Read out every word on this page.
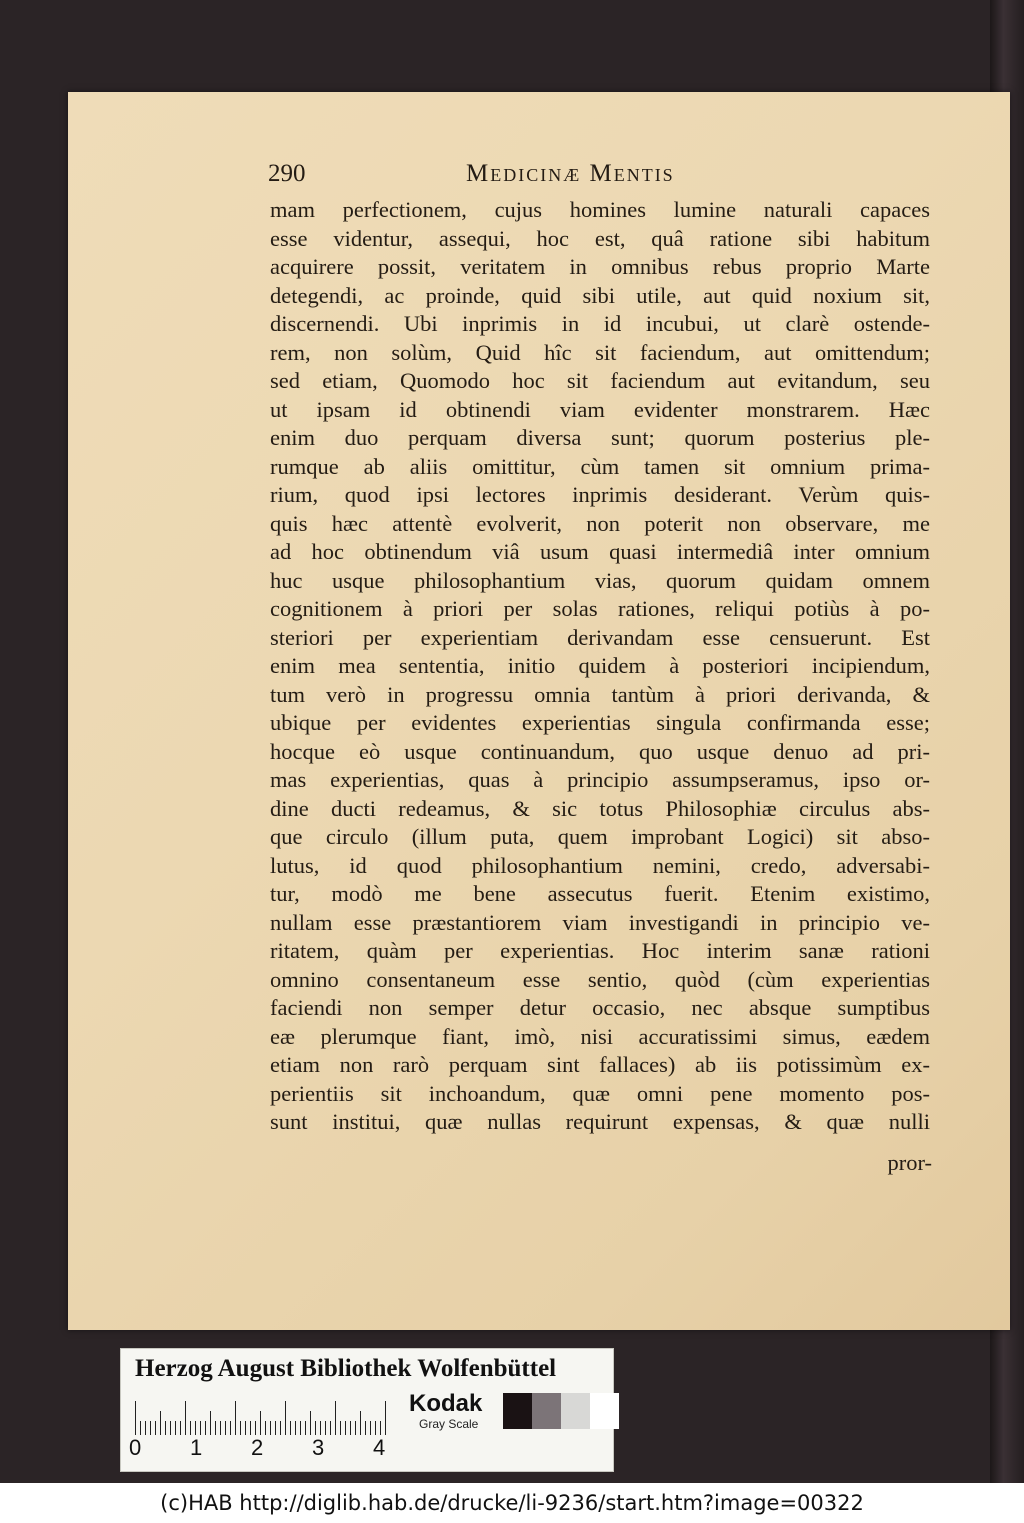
290	Medicinæ Mentis
mam perfectionem, cujus homines lumine naturali capaces
esse videntur, assequi, hoc est, quâ ratione sibi habitum
acquirere possit, veritatem in omnibus rebus proprio Marte
detegendi, ac proinde, quid sibi utile, aut quid noxium sit,
discernendi. Ubi inprimis in id incubui, ut clarè ostende-
rem, non solùm, Quid hîc sit faciendum, aut omittendum;
sed etiam, Quomodo hoc sit faciendum aut evitandum, seu
ut ipsam id obtinendi viam evidenter monstrarem. Hæc
enim duo perquam diversa sunt; quorum posterius ple-
rumque ab aliis omittitur, cùm tamen sit omnium prima-
rium, quod ipsi lectores inprimis desiderant. Verùm quis-
quis hæc attentè evolverit, non poterit non observare, me
ad hoc obtinendum viâ usum quasi intermediâ inter omnium
huc usque philosophantium vias, quorum quidam omnem
cognitionem à priori per solas rationes, reliqui potiùs à po-
steriori per experientiam derivandam esse censuerunt. Est
enim mea sententia, initio quidem à posteriori incipiendum,
tum verò in progressu omnia tantùm à priori derivanda, &
ubique per evidentes experientias singula confirmanda esse;
hocque eò usque continuandum, quo usque denuo ad pri-
mas experientias, quas à principio assumpseramus, ipso or-
dine ducti redeamus, & sic totus Philosophiæ circulus abs-
que circulo (illum puta, quem improbant Logici) sit abso-
lutus, id quod philosophantium nemini, credo, adversabi-
tur, modò me bene assecutus fuerit. Etenim existimo,
nullam esse præstantiorem viam investigandi in principio ve-
ritatem, quàm per experientias. Hoc interim sanæ rationi
omnino consentaneum esse sentio, quòd (cùm experientias
faciendi non semper detur occasio, nec absque sumptibus
eæ plerumque fiant, imò, nisi accuratissimi simus, eædem
etiam non rarò perquam sint fallaces) ab iis potissimùm ex-
perientiis sit inchoandum, quæ omni pene momento pos-
sunt institui, quæ nullas requirunt expensas, & quæ nulli
pror-
Herzog August Bibliothek Wolfenbüttel
0 1 2 3 4
Kodak
Gray Scale
(c)HAB http://diglib.hab.de/drucke/li-9236/start.htm?image=00322
